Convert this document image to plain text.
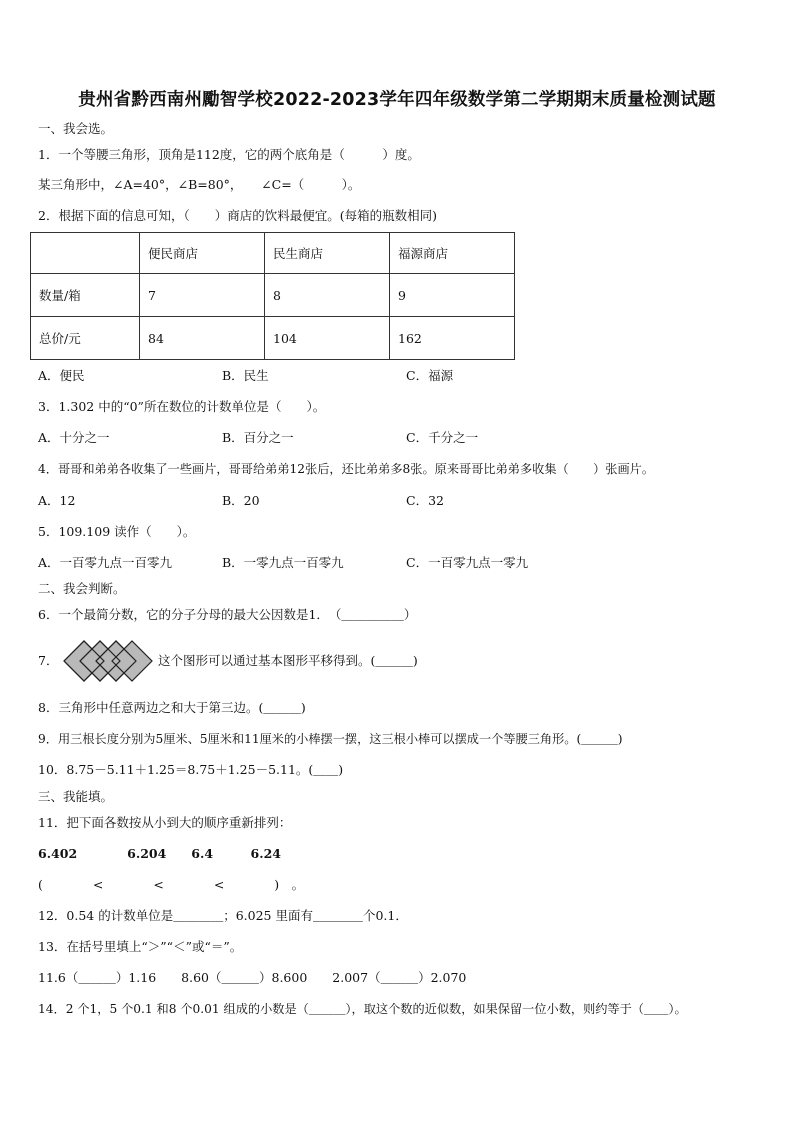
贵州省黔西南州勵智学校2022-2023学年四年级数学第二学期期末质量检测试题
一、我会选。
1．一个等腰三角形，顶角是112度，它的两个底角是（　　　）度。
某三角形中，∠A=40°，∠B=80°，　　∠C=（　　　）。
2．根据下面的信息可知，（　　）商店的饮料最便宜。(每箱的瓶数相同)
	便民商店	民生商店	福源商店
数量/箱	7	8	9
总价/元	84	104	162
A．便民	B．民生	C．福源
3．1.302 中的“0”所在数位的计数单位是（　　）。
A．十分之一	B．百分之一	C．千分之一
4．哥哥和弟弟各收集了一些画片，哥哥给弟弟12张后，还比弟弟多8张。原来哥哥比弟弟多收集（　　）张画片。
A．12	B．20	C．32
5．109.109 读作（　　）。
A．一百零九点一百零九	B．一零九点一百零九	C．一百零九点一零九
二、我会判断。
6．一个最简分数，它的分子分母的最大公因数是1．　（＿＿＿＿＿）
7．	这个图形可以通过基本图形平移得到。(＿＿＿)
8．三角形中任意两边之和大于第三边。(＿＿＿)
9．用三根长度分别为5厘米、5厘米和11厘米的小棒摆一摆，这三根小棒可以摆成一个等腰三角形。(＿＿＿)
10．8.75－5.11＋1.25＝8.75＋1.25－5.11。(＿＿)
三、我能填。
11．把下面各数按从小到大的顺序重新排列：
6.402　　　　6.204　　6.4　　　6.24
(　　　　<　　　　<　　　　<　　　　)　。
12．0.54 的计数单位是＿＿＿＿；6.025 里面有＿＿＿＿个0.1．
13．在括号里填上“＞”“＜”或“＝”。
11.6（＿＿＿）1.16　　8.60（＿＿＿）8.600　　2.007（＿＿＿）2.070
14．2 个1，5 个0.1 和8 个0.01 组成的小数是（＿＿＿），取这个数的近似数，如果保留一位小数，则约等于（＿＿）。
